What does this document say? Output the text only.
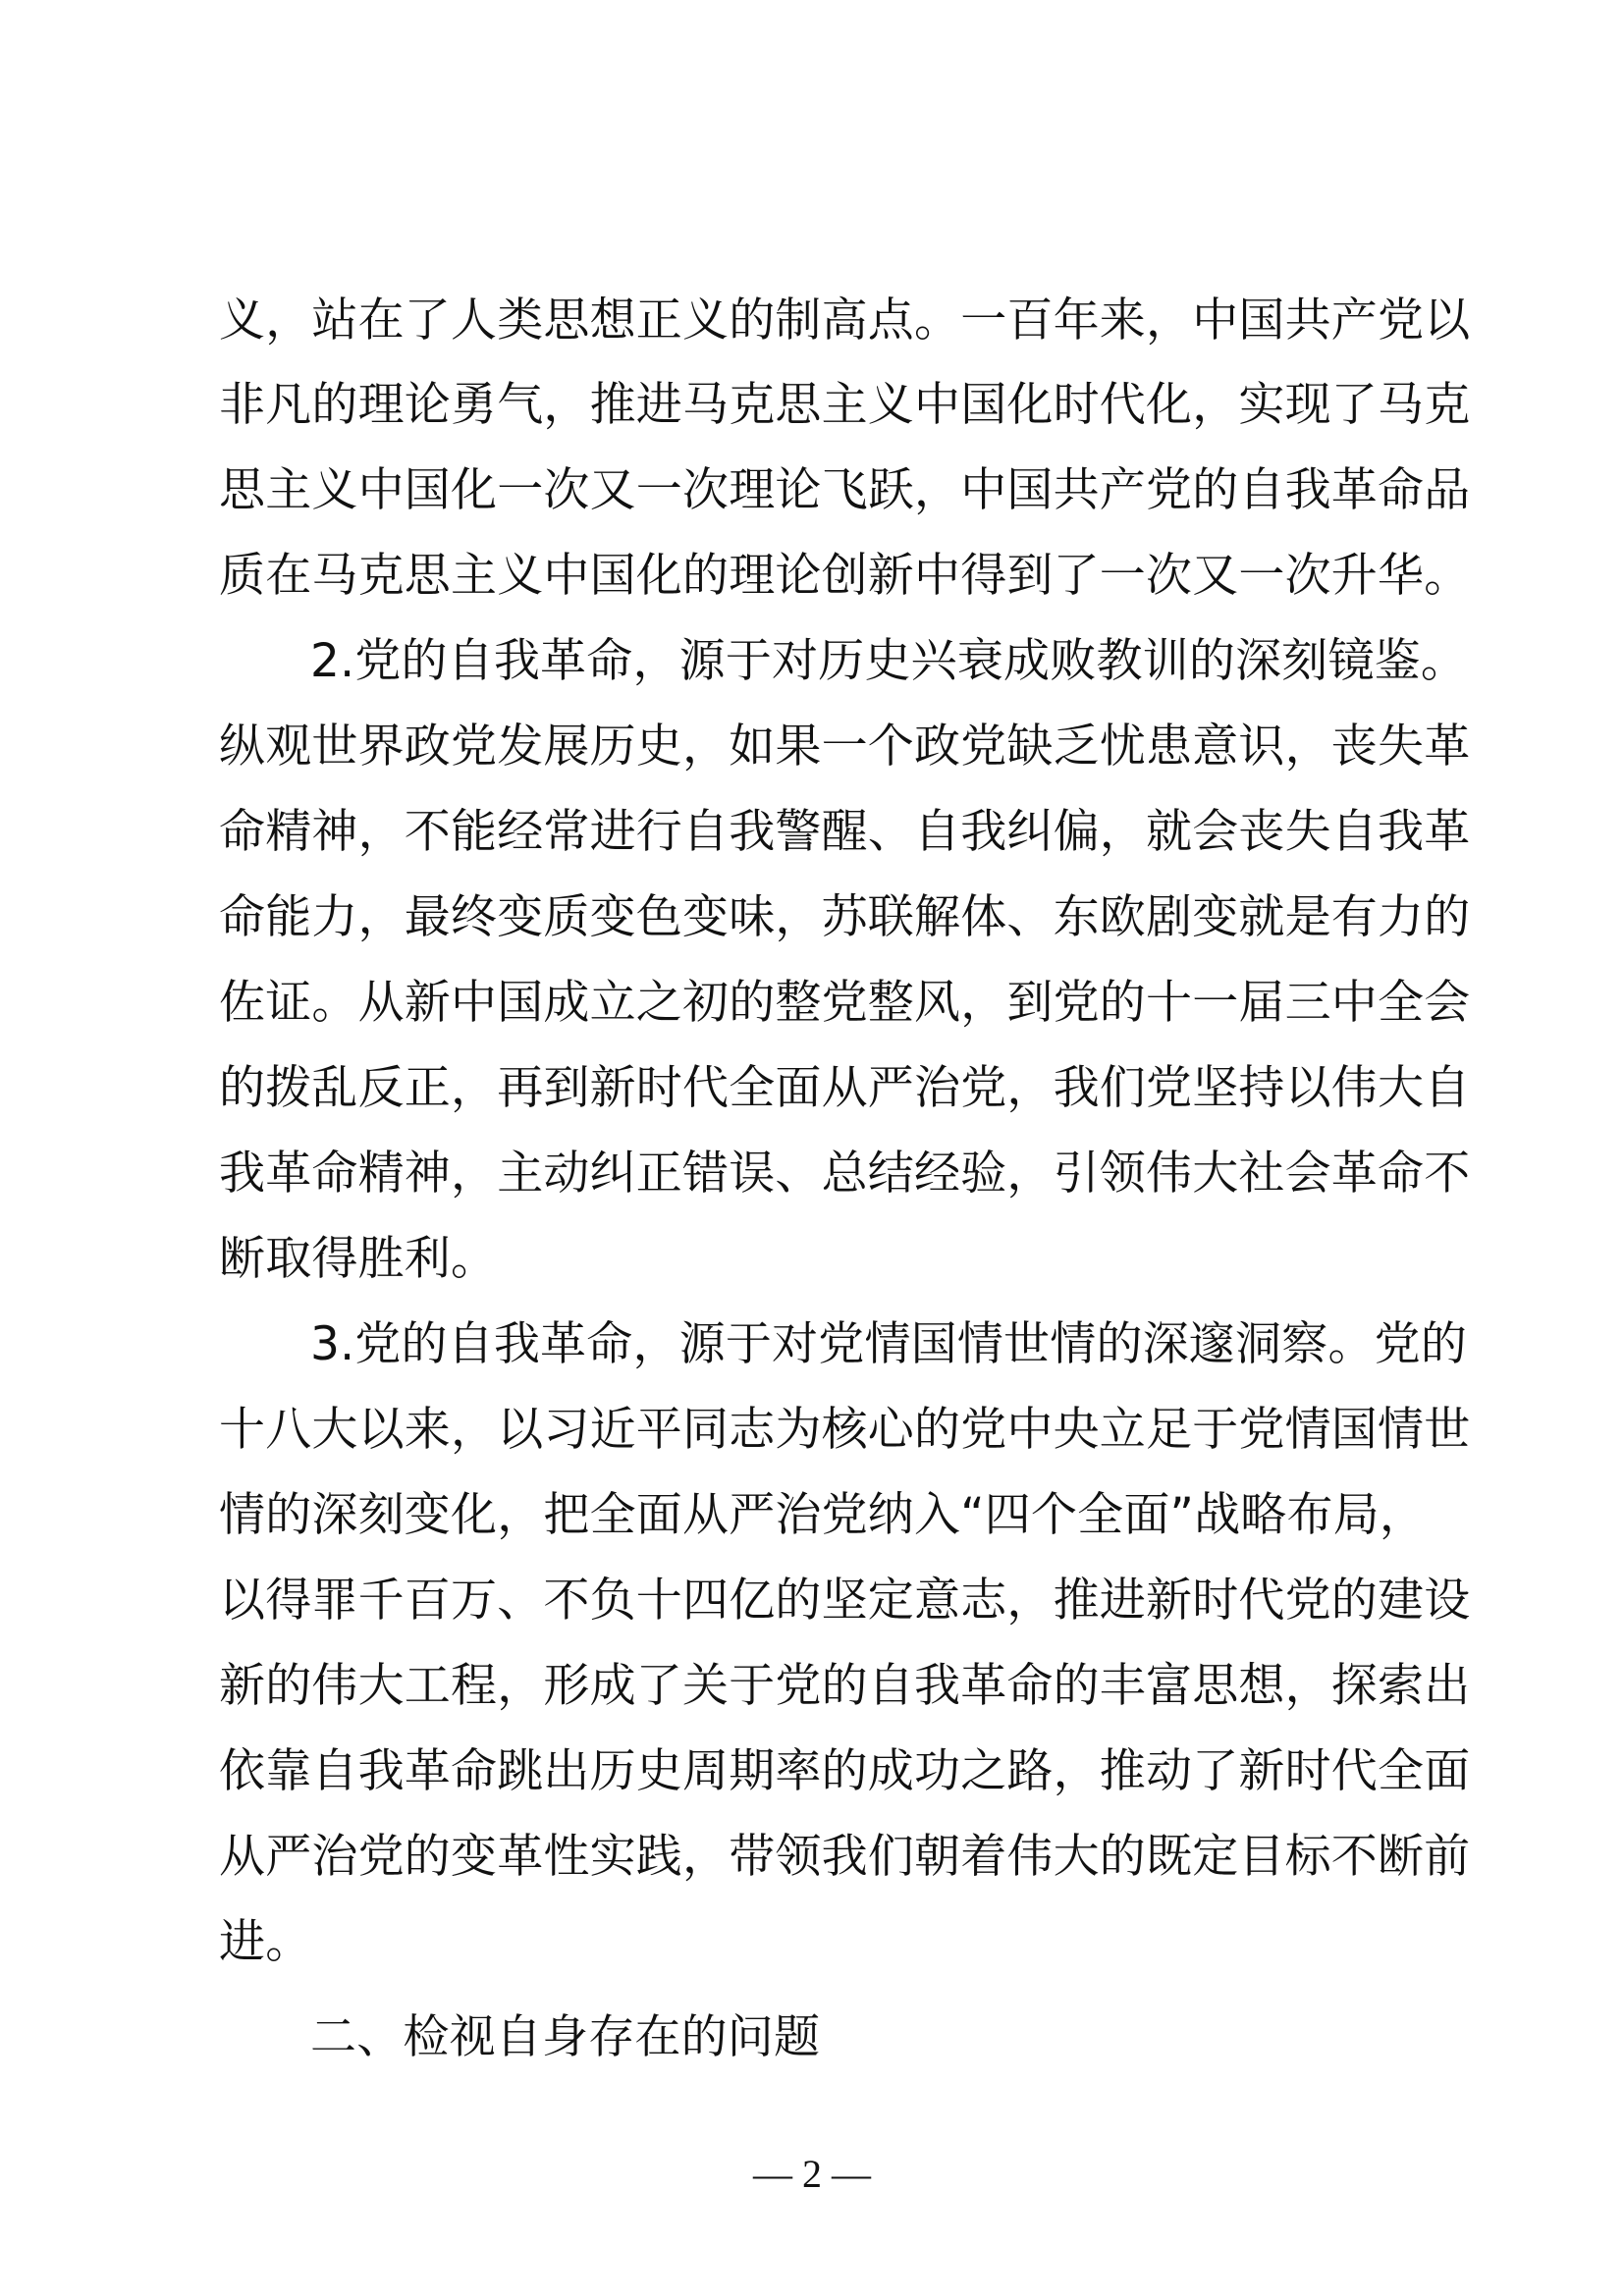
义，站在了人类思想正义的制高点。一百年来，中国共产党以
非凡的理论勇气，推进马克思主义中国化时代化，实现了马克
思主义中国化一次又一次理论飞跃，中国共产党的自我革命品
质在马克思主义中国化的理论创新中得到了一次又一次升华。
2.党的自我革命，源于对历史兴衰成败教训的深刻镜鉴。
纵观世界政党发展历史，如果一个政党缺乏忧患意识，丧失革
命精神，不能经常进行自我警醒、自我纠偏，就会丧失自我革
命能力，最终变质变色变味，苏联解体、东欧剧变就是有力的
佐证。从新中国成立之初的整党整风，到党的十一届三中全会
的拨乱反正，再到新时代全面从严治党，我们党坚持以伟大自
我革命精神，主动纠正错误、总结经验，引领伟大社会革命不
断取得胜利。
3.党的自我革命，源于对党情国情世情的深邃洞察。党的
十八大以来，以习近平同志为核心的党中央立足于党情国情世
情的深刻变化，把全面从严治党纳入“四个全面”战略布局，
以得罪千百万、不负十四亿的坚定意志，推进新时代党的建设
新的伟大工程，形成了关于党的自我革命的丰富思想，探索出
依靠自我革命跳出历史周期率的成功之路，推动了新时代全面
从严治党的变革性实践，带领我们朝着伟大的既定目标不断前
进。
二、检视自身存在的问题
— 2 —
